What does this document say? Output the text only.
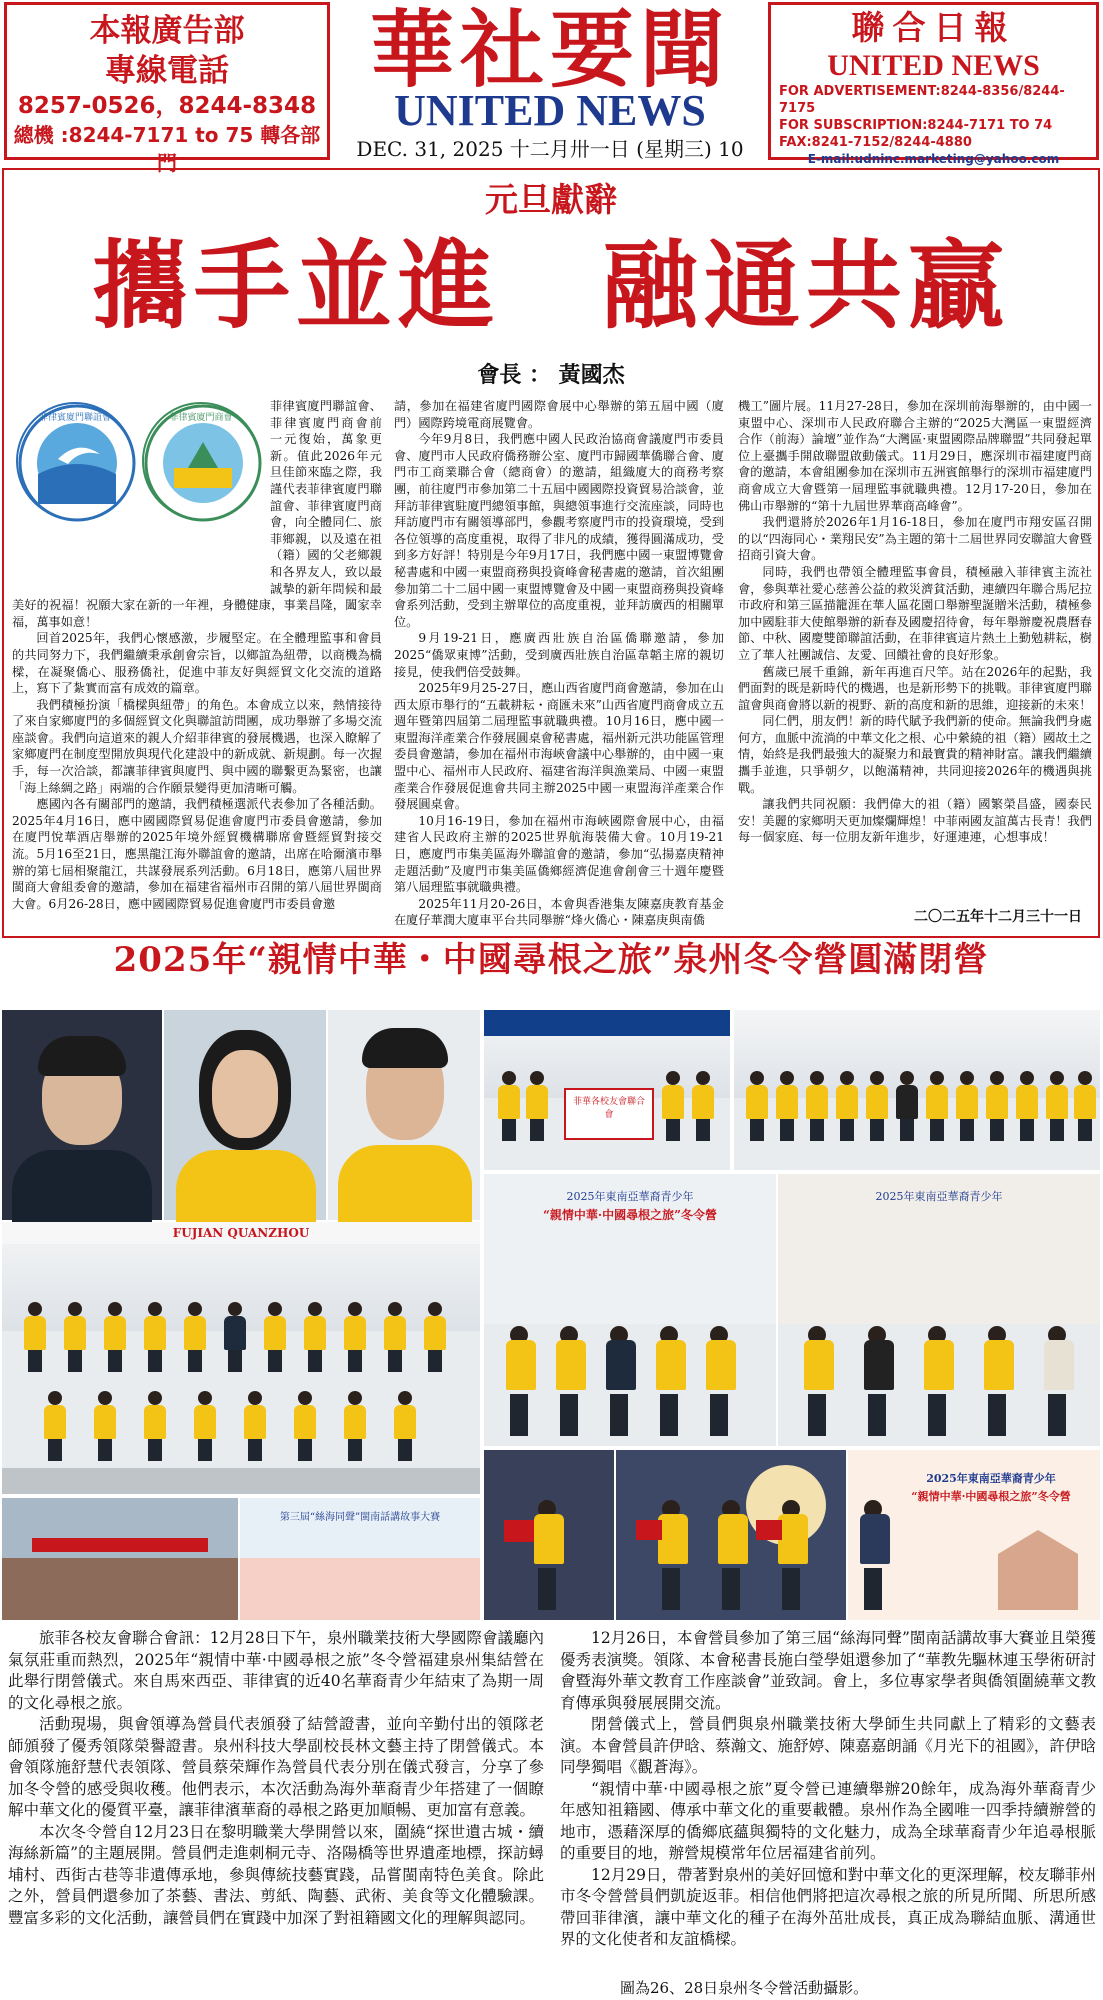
本報廣告部
專線電話
8257-0526，8244-8348
總機 :8244-7171 to 75 轉各部門
華社要聞
UNITED NEWS
DEC. 31, 2025 十二月卅一日 (星期三) 10
聯合日報
UNITED NEWS
FOR ADVERTISEMENT:8244-8356/8244-7175
FOR SUBSCRIPTION:8244-7171 TO 74
FAX:8241-7152/8244-4880
E-mail:udninc.marketing@yahoo.com
元旦獻辭
攜手並進　融通共贏
會長 ： 黃國杰
菲律賓廈門聯誼會	菲律賓廈門商會

菲律賓廈門聯誼會、菲律賓廈門商會前　一元復始，萬象更新。值此2026年元旦佳節來臨之際，我謹代表菲律賓廈門聯誼會、菲律賓廈門商會，向全體同仁、旅菲鄉親，以及遠在祖（籍）國的父老鄉親和各界友人，致以最誠摯的新年問候和最美好的祝福！祝願大家在新的一年裡，身體健康，事業昌隆，闔家幸福，萬事如意！

回首2025年，我們心懷感激，步履堅定。在全體理監事和會員的共同努力下，我們繼續秉承創會宗旨，以鄉誼為紐帶，以商機為橋樑，在凝聚僑心、服務僑社，促進中菲友好與經貿文化交流的道路上，寫下了紮實而富有成效的篇章。

我們積極扮演「橋樑與紐帶」的角色。本會成立以來，熱情接待了來自家鄉廈門的多個經貿文化與聯誼訪問團，成功舉辦了多場交流座談會。我們向這道來的親人介紹菲律賓的發展機遇，也深入瞭解了家鄉廈門在制度型開放與現代化建設中的新成就、新規劃。每一次握手，每一次洽談，都讓菲律賓與廈門、與中國的聯繫更為緊密，也讓「海上絲綢之路」兩端的合作願景變得更加清晰可觸。

應國內各有關部門的邀請，我們積極選派代表參加了各種活動。2025年4月16日，應中國國際貿易促進會廈門市委員會邀請，參加在廈門悅華酒店舉辦的2025年境外經貿機構聯席會暨經貿對接交流。5月16至21日，應黑龍江海外聯誼會的邀請，出席在哈爾濱市舉辦的第七屆相聚龍江，共謀發展系列活動。6月18日，應第八屆世界閩商大會組委會的邀請，參加在福建省福州市召開的第八屆世界閩商大會。6月26-28日，應中國國際貿易促進會廈門市委員會邀

請，參加在福建省廈門國際會展中心舉辦的第五屆中國（廈門）國際跨境電商展覽會。

今年9月8日，我們應中國人民政治協商會議廈門市委員會、廈門市人民政府僑務辦公室、廈門市歸國華僑聯合會、廈門市工商業聯合會（總商會）的邀請，組織廈大的商務考察團，前往廈門市參加第二十五屆中國國際投資貿易洽談會，並拜訪菲律賓駐廈門總領事館，與總領事進行交流座談，同時也拜訪廈門市有關領導部門，參觀考察廈門市的投資環境，受到各位領導的高度重視，取得了非凡的成績，獲得圓滿成功，受到多方好評！特別是今年9月17日，我們應中國一東盟博覽會秘書處和中國一東盟商務與投資峰會秘書處的邀請，首次組團參加第二十二屆中國一東盟博覽會及中國一東盟商務與投資峰會系列活動，受到主辦單位的高度重視，並拜訪廣西的相關單位。

9月19-21日，應廣西壯族自治區僑聯邀請，參加2025“僑眾東博”活動，受到廣西壯族自治區韋韜主席的親切接見，使我們倍受鼓舞。

2025年9月25-27日，應山西省廈門商會邀請，參加在山西太原市舉行的“五載耕耘・商匯未來”山西省廈門商會成立五週年暨第四屆第二屆理監事就職典禮。10月16日，應中國一東盟海洋產業合作發展圓桌會秘書處，福州新元洪功能區管理委員會邀請，參加在福州市海峽會議中心舉辦的，由中國一東盟中心、福州市人民政府、福建省海洋與漁業局、中國一東盟產業合作發展促進會共同主辦2025中國一東盟海洋產業合作發展圓桌會。

10月16-19日，參加在福州市海峽國際會展中心，由福建省人民政府主辦的2025世界航海裝備大會。10月19-21日，應廈門市集美區海外聯誼會的邀請，參加“弘揚嘉庚精神走題活動”及廈門市集美區僑鄉經濟促進會創會三十週年慶暨第八屆理監事就職典禮。

2025年11月20-26日，本會與香港集友陳嘉庚教育基金在廈仔華潤大廈車平台共同舉辦“烽火僑心・陳嘉庚與南僑

機工”圖片展。11月27-28日，參加在深圳前海舉辦的，由中國一東盟中心、深圳市人民政府聯合主辦的“2025大灣區一東盟經濟合作（前海）論壇”並作為“大灣區·東盟國際品牌聯盟”共同發起單位上臺攜手開啟聯盟啟動儀式。11月29日，應深圳市福建廈門商會的邀請，本會組團參加在深圳市五洲賓館舉行的深圳市福建廈門商會成立大會暨第一屆理監事就職典禮。12月17-20日，參加在佛山市舉辦的“第十九屆世界華商高峰會”。

我們還將於2026年1月16-18日，參加在廈門市翔安區召開的以“四海同心・業翔民安”為主題的第十二屆世界同安聯誼大會暨招商引資大會。

同時，我們也帶領全體理監事會員，積極融入菲律賓主流社會，參與華社愛心慈善公益的救災濟貧活動，連續四年聯合馬尼拉市政府和第三區描籠涯在華人區花園口舉辦聖誕贈米活動，積極參加中國駐菲大使館舉辦的新春及國慶招待會，每年舉辦慶祝農曆春節、中秋、國慶雙節聯誼活動，在菲律賓這片熱土上勤勉耕耘，樹立了華人社團誠信、友愛、回饋社會的良好形象。

舊歲已展千重錦，新年再進百尺竿。站在2026年的起點，我們面對的既是新時代的機遇，也是新形勢下的挑戰。菲律賓廈門聯誼會與商會將以新的視野、新的高度和新的思維，迎接新的未來！

同仁們，朋友們！新的時代賦予我們新的使命。無論我們身處何方，血脈中流淌的中華文化之根、心中縈繞的祖（籍）國故土之情，始終是我們最強大的凝聚力和最寶貴的精神財富。讓我們繼續攜手並進，只爭朝夕，以飽滿精神，共同迎接2026年的機遇與挑戰。

讓我們共同祝願：我們偉大的祖（籍）國繁榮昌盛，國泰民安！美麗的家鄉明天更加燦爛輝煌！中菲兩國友誼萬古長青！我們每一個家庭、每一位朋友新年進步，好運連連，心想事成！

二〇二五年十二月三十一日
2025年“親情中華・中國尋根之旅”泉州冬令營圓滿閉營
菲華各校友會聯合會
FUJIAN QUANZHOU
2025年東南亞華裔青少年
“親情中華·中國尋根之旅”冬令營
2025年東南亞華裔青少年
第三屆“絲海同聲”閩南話講故事大賽
2025年東南亞華裔青少年
“親情中華·中國尋根之旅”冬令營

旅菲各校友會聯合會訊：12月28日下午，泉州職業技術大學國際會議廳內氣氛莊重而熱烈，2025年“親情中華·中國尋根之旅”冬令營福建泉州集結營在此舉行閉營儀式。來自馬來西亞、菲律賓的近40名華裔青少年結束了為期一周的文化尋根之旅。

活動現場，與會領導為營員代表頒發了結營證書，並向辛勤付出的領隊老師頒發了優秀領隊榮譽證書。泉州科技大學副校長林文藝主持了閉營儀式。本會領隊施舒慧代表領隊、營員蔡荣輝作為營員代表分別在儀式發言，分享了參加冬令營的感受與收穫。他們表示，本次活動為海外華裔青少年搭建了一個瞭解中華文化的優質平臺，讓菲律濱華裔的尋根之路更加順暢、更加富有意義。

本次冬令營自12月23日在黎明職業大學開營以來，圍繞“探世遺古城・續海絲新篇”的主題展開。營員們走進刺桐元寺、洛陽橋等世界遺產地標，探訪蟳埔村、西街古巷等非遺傳承地，參與傳統技藝實踐，品嘗閩南特色美食。除此之外，營員們還參加了茶藝、書法、剪紙、陶藝、武術、美食等文化體驗課。豐富多彩的文化活動，讓營員們在實踐中加深了對祖籍國文化的理解與認同。

12月26日，本會營員參加了第三屆“絲海同聲”閩南話講故事大賽並且榮獲優秀表演獎。領隊、本會秘書長施白瑩學姐還參加了“華教先驅林連玉學術研討會暨海外華文教育工作座談會”並致詞。會上，多位專家學者與僑領圍繞華文教育傳承與發展展開交流。

閉營儀式上，營員們與泉州職業技術大學師生共同獻上了精彩的文藝表演。本會營員許伊晗、蔡瀚文、施舒婷、陳嘉嘉朗誦《月光下的祖國》，許伊晗同學獨唱《觀蒼海》。

“親情中華·中國尋根之旅”夏令營已連續舉辦20餘年，成為海外華裔青少年感知祖籍國、傳承中華文化的重要載體。泉州作為全國唯一四季持續辦營的地市，憑藉深厚的僑鄉底蘊與獨特的文化魅力，成為全球華裔青少年追尋根脈的重要目的地，辦營規模常年位居福建省前列。

12月29日，帶著對泉州的美好回憶和對中華文化的更深理解，校友聯菲州市冬令營營員們凱旋返菲。相信他們將把這次尋根之旅的所見所聞、所思所感帶回菲律濱，讓中華文化的種子在海外茁壯成長，真正成為聯結血脈、溝通世界的文化使者和友誼橋樑。

圖為26、28日泉州冬令營活動攝影。
